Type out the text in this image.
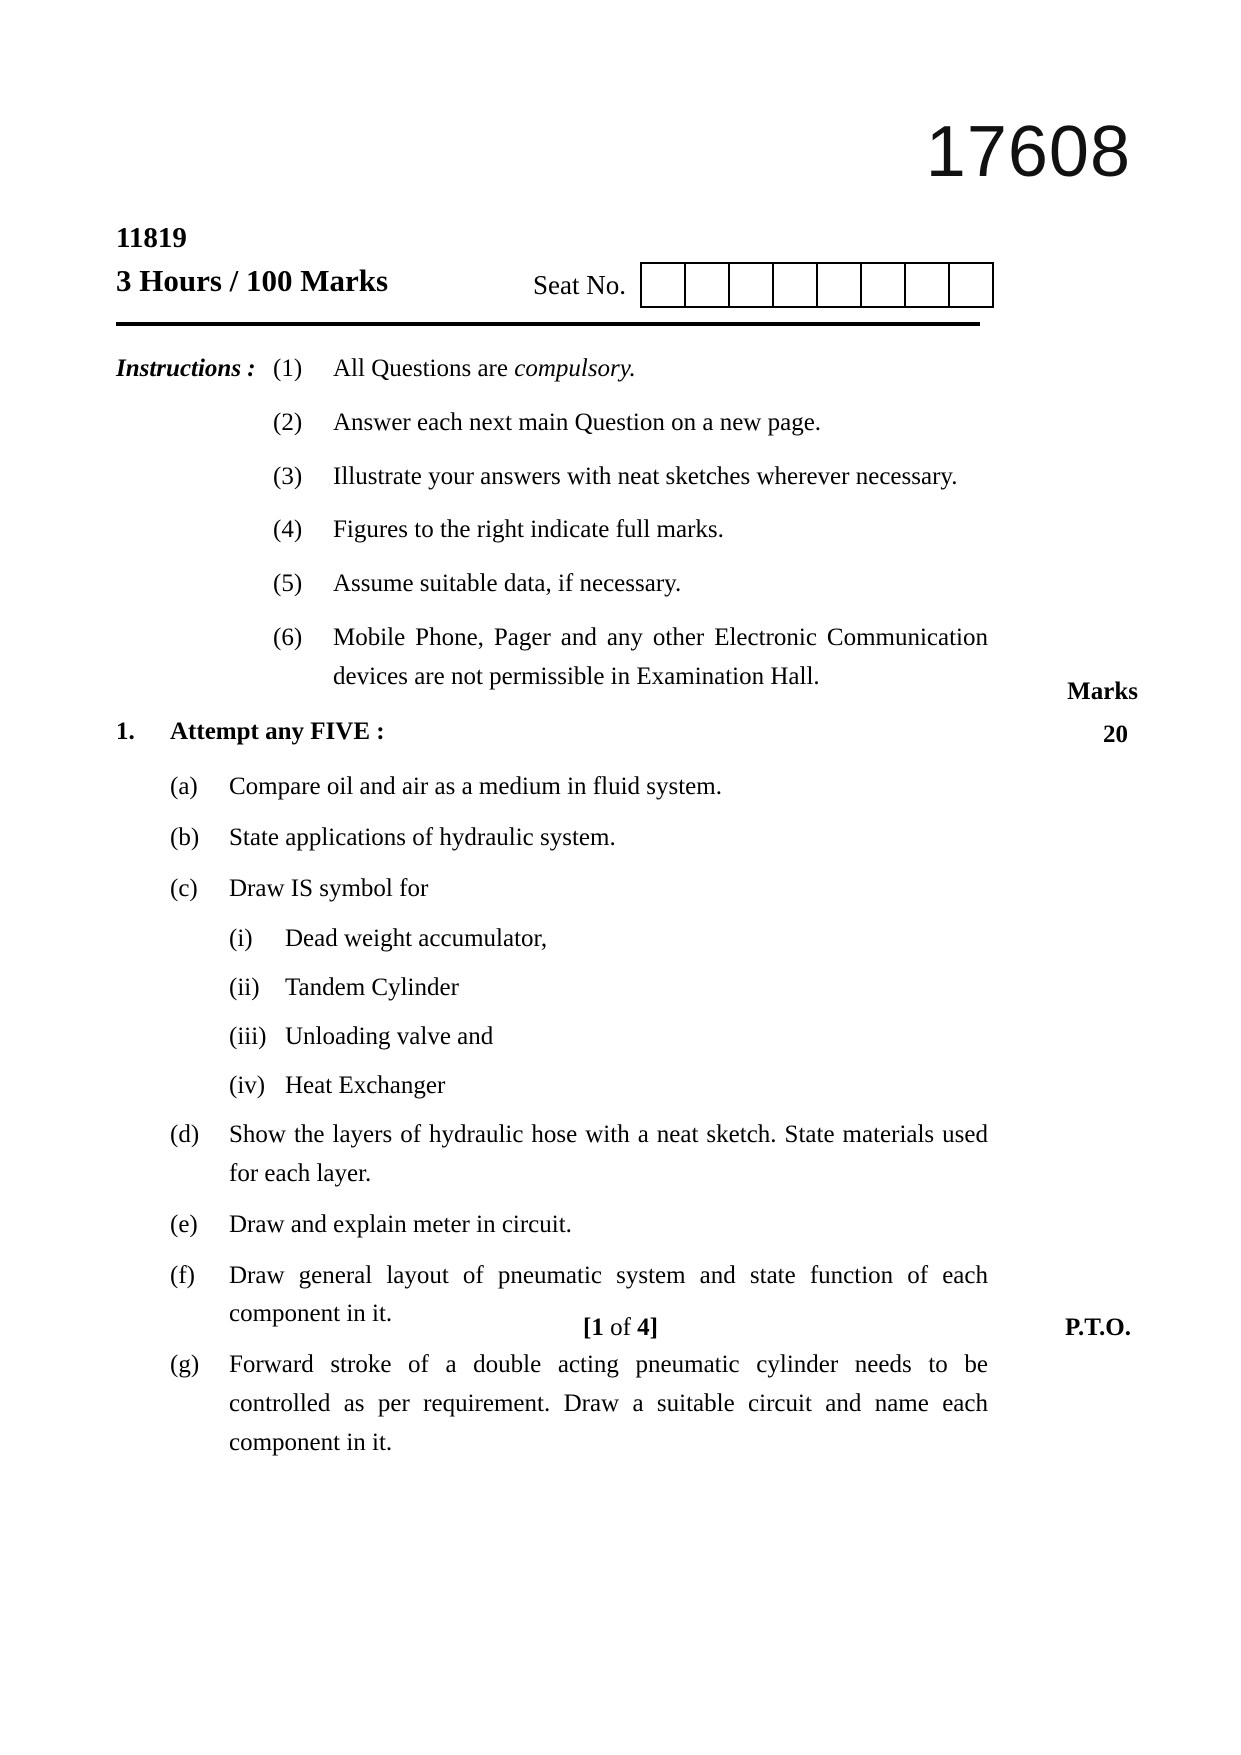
17608
11819
3 Hours / 100 Marks	Seat No.
Instructions : (1)	All Questions are compulsory.
(2)	Answer each next main Question on a new page.
(3)	Illustrate your answers with neat sketches wherever necessary.
(4)	Figures to the right indicate full marks.
(5)	Assume suitable data, if necessary.
(6)	Mobile Phone, Pager and any other Electronic Communication devices are not permissible in Examination Hall.
Marks
20
1.	Attempt any FIVE :
(a)	Compare oil and air as a medium in fluid system.
(b)	State applications of hydraulic system.
(c)	Draw IS symbol for
(i)	Dead weight accumulator,
(ii)	Tandem Cylinder
(iii) Unloading valve and
(iv) Heat Exchanger
(d)	Show the layers of hydraulic hose with a neat sketch. State materials used for each layer.
(e)	Draw and explain meter in circuit.
(f)	Draw general layout of pneumatic system and state function of each component in it.
(g)	Forward stroke of a double acting pneumatic cylinder needs to be controlled as per requirement. Draw a suitable circuit and name each component in it.
[1 of 4]	P.T.O.
